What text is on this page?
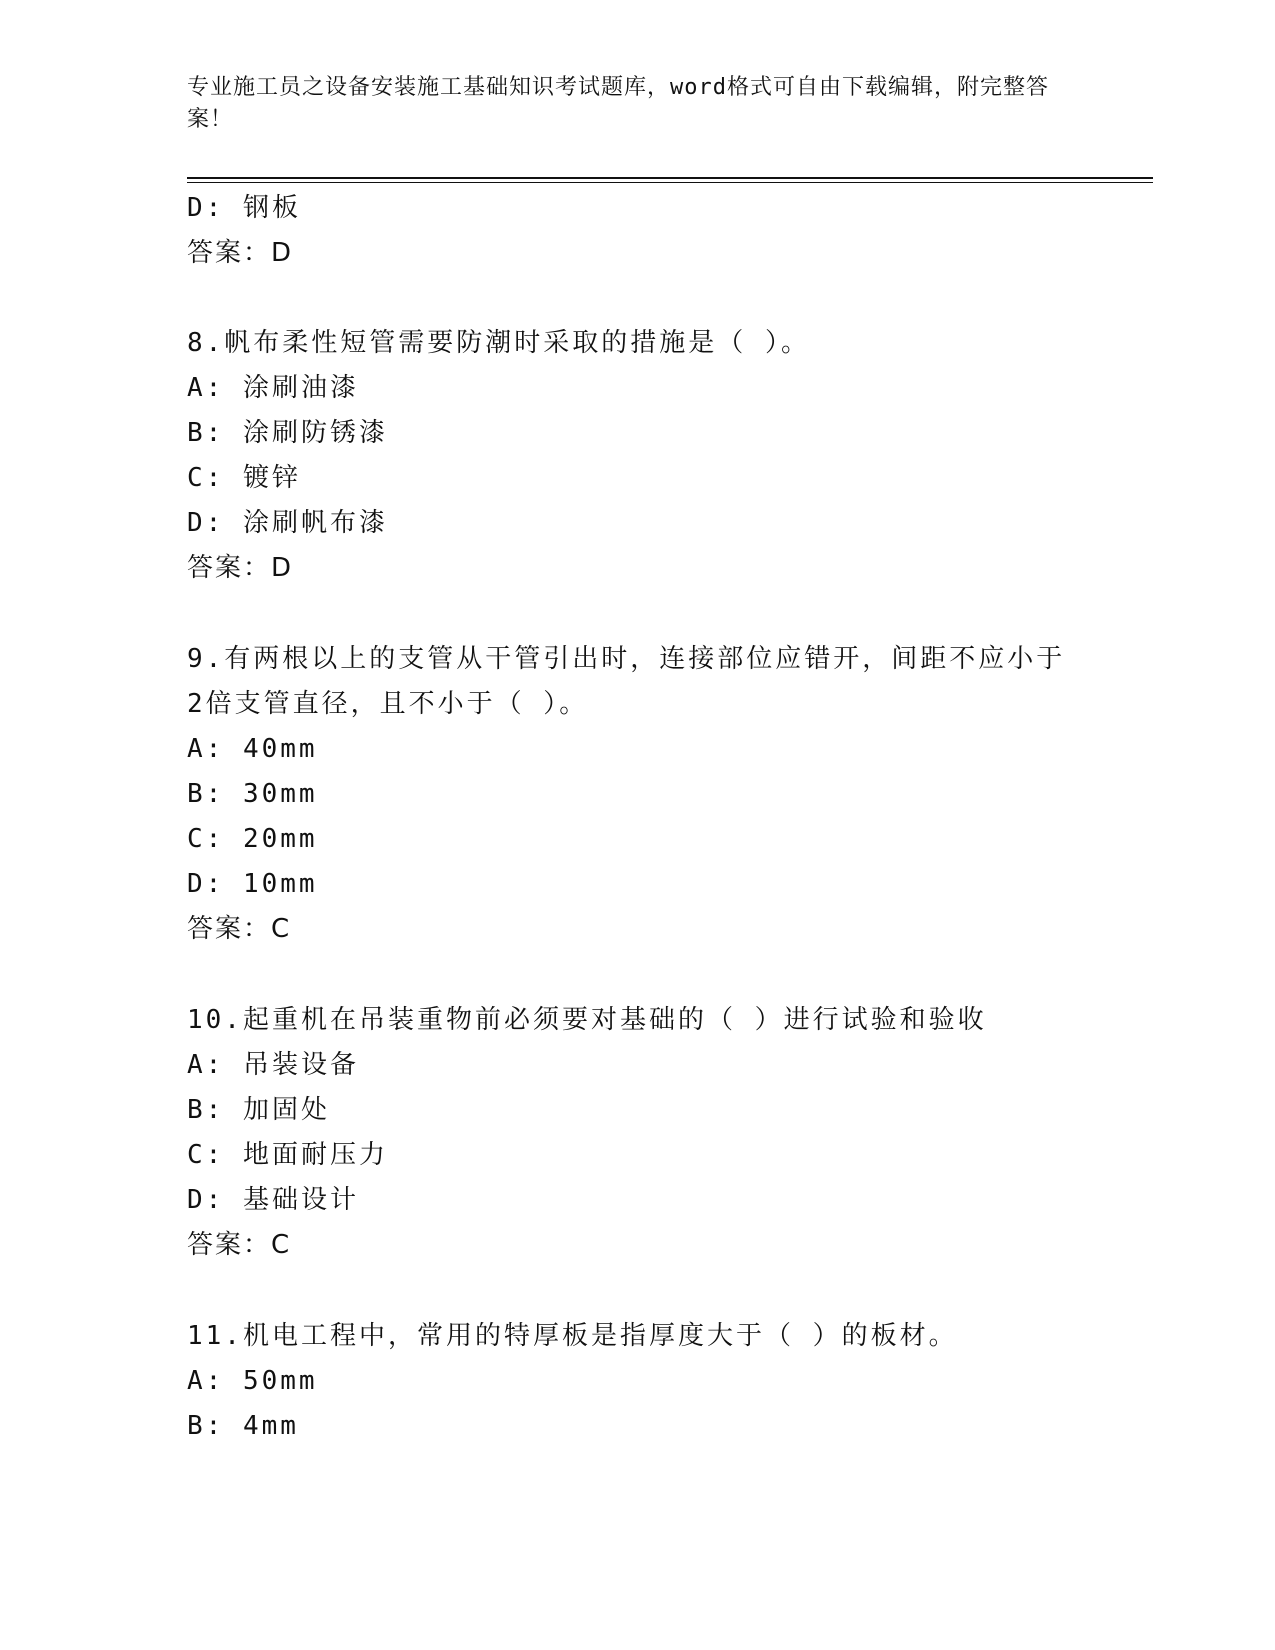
专业施工员之设备安装施工基础知识考试题库，word格式可自由下载编辑，附完整答案！
D: 钢板
答案：D
8.帆布柔性短管需要防潮时采取的措施是（ ）。
A: 涂刷油漆
B: 涂刷防锈漆
C: 镀锌
D: 涂刷帆布漆
答案：D
9.有两根以上的支管从干管引出时，连接部位应错开，间距不应小于
2倍支管直径，且不小于（ ）。
A: 40mm
B: 30mm
C: 20mm
D: 10mm
答案：C
10.起重机在吊装重物前必须要对基础的（ ）进行试验和验收
A: 吊装设备
B: 加固处
C: 地面耐压力
D: 基础设计
答案：C
11.机电工程中，常用的特厚板是指厚度大于（ ）的板材。
A: 50mm
B: 4mm
